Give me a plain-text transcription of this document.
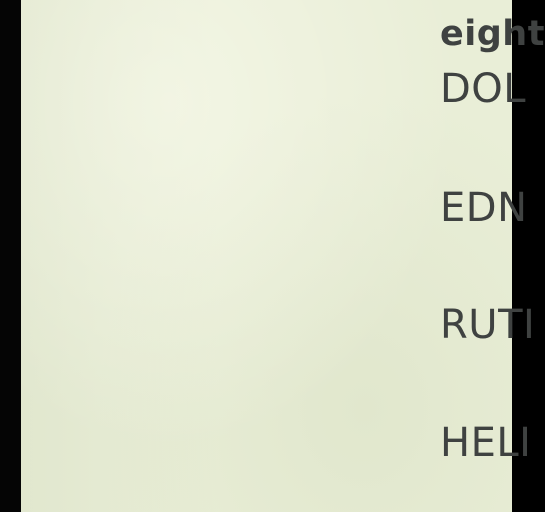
eight

DOL

EDN

RUTI

HELI
